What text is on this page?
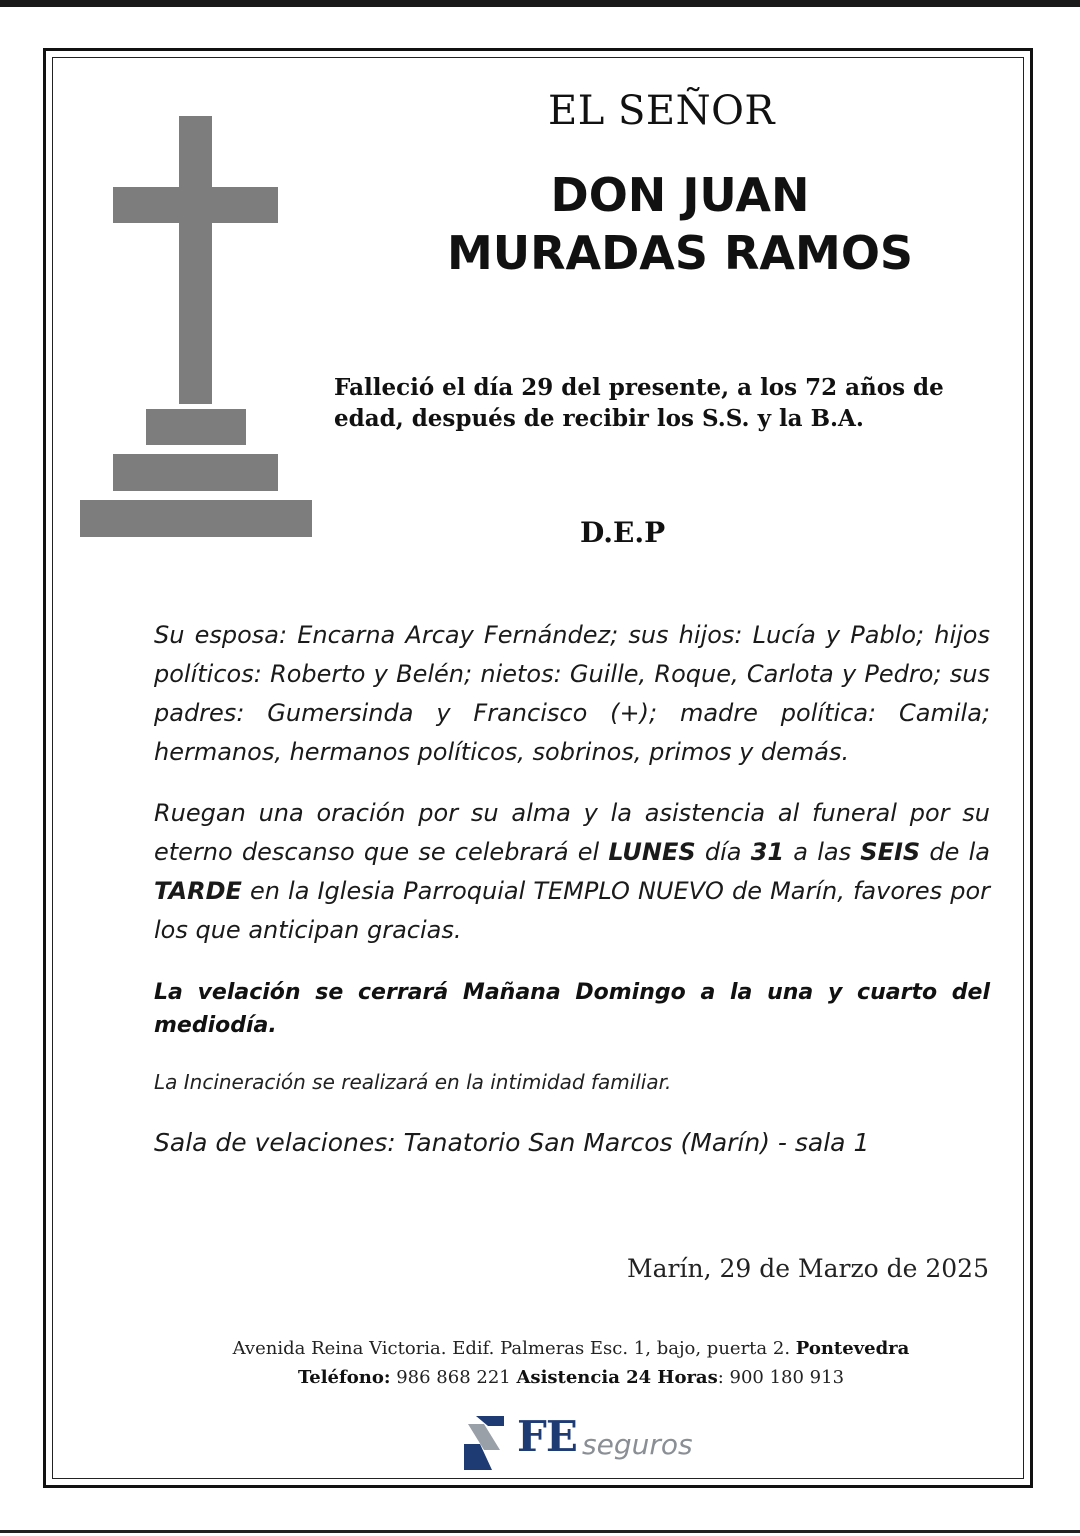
EL SEÑOR
DON JUAN
MURADAS RAMOS
Falleció el día 29 del presente, a los 72 años de
edad, después de recibir los S.S. y la B.A.
D.E.P
Su esposa: Encarna Arcay Fernández; sus hijos: Lucía y Pablo; hijos políticos: Roberto y Belén; nietos: Guille, Roque, Carlota y Pedro; sus padres: Gumersinda y Francisco (+); madre política: Camila; hermanos, hermanos políticos, sobrinos, primos y demás.
Ruegan una oración por su alma y la asistencia al funeral por su eterno descanso que se celebrará el LUNES día 31 a las SEIS de la TARDE en la Iglesia Parroquial TEMPLO NUEVO de Marín, favores por los que anticipan gracias.
La velación se cerrará Mañana Domingo a la una y cuarto del mediodía.
La Incineración se realizará en la intimidad familiar.
Sala de velaciones: Tanatorio San Marcos (Marín) - sala 1
Marín, 29 de Marzo de 2025
Avenida Reina Victoria. Edif. Palmeras Esc. 1, bajo, puerta 2. Pontevedra
Teléfono: 986 868 221 Asistencia 24 Horas: 900 180 913
FE seguros
